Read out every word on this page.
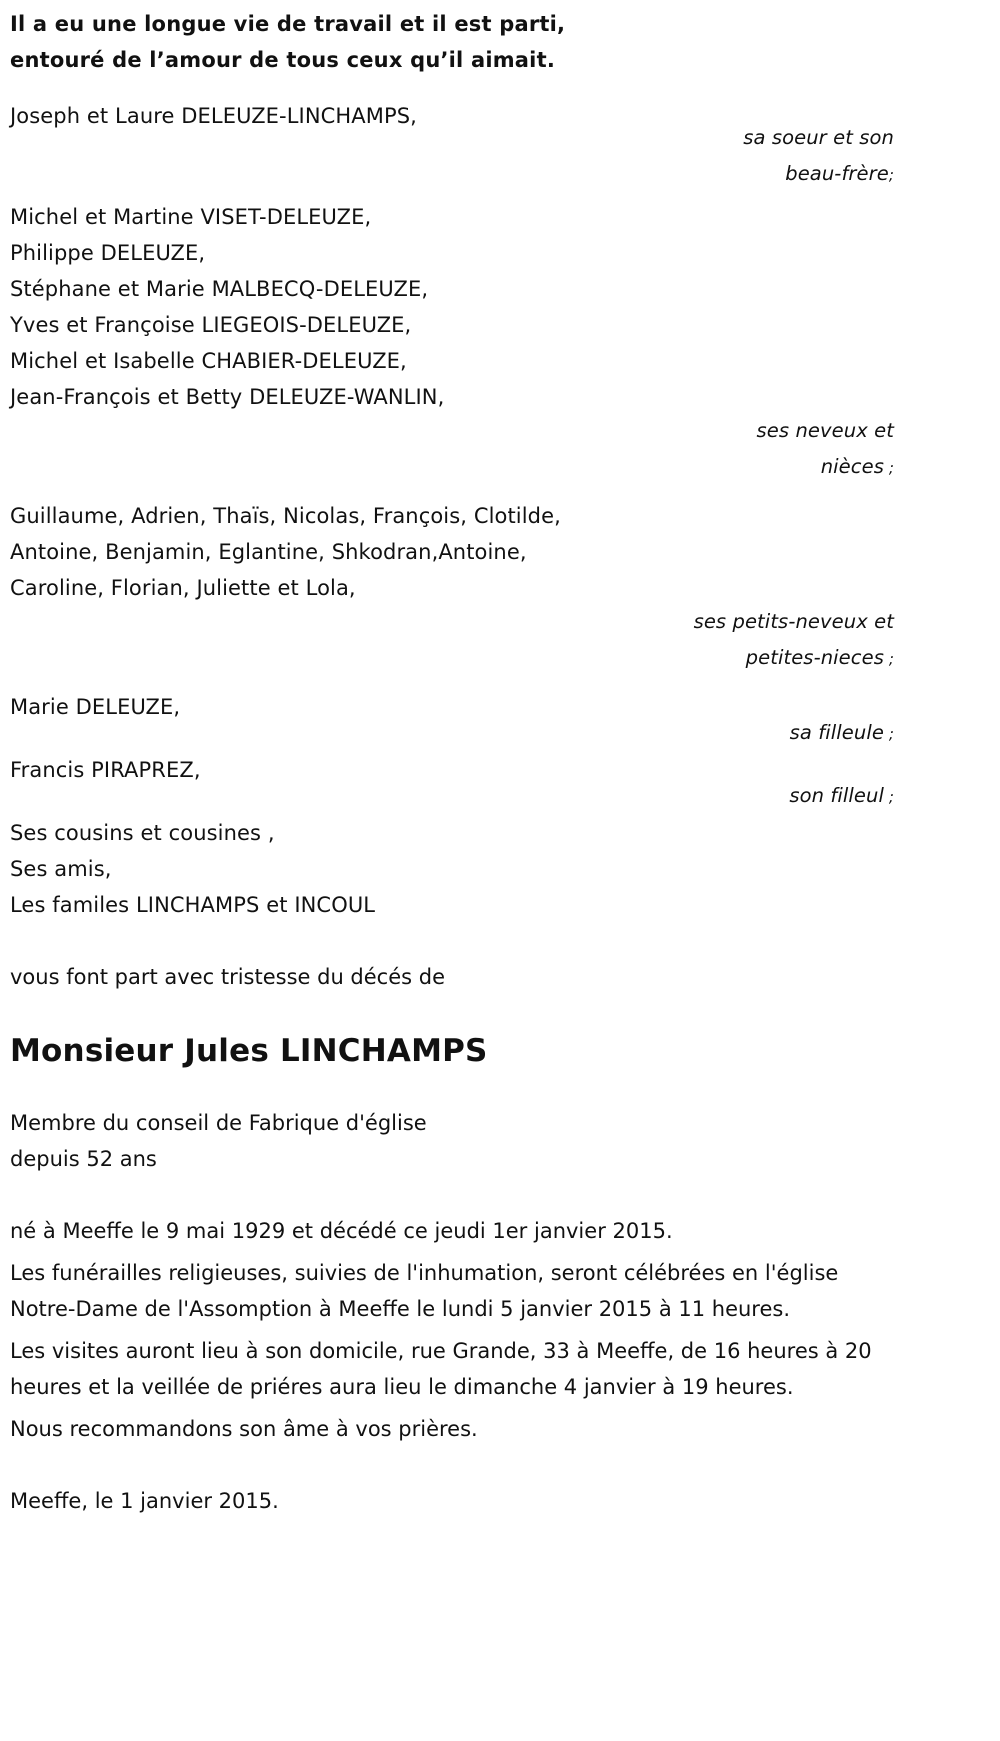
Il a eu une longue vie de travail et il est parti,
entouré de l’amour de tous ceux qu’il aimait.
Joseph et Laure DELEUZE-LINCHAMPS,
sa soeur et son
beau-frère;
Michel et Martine VISET-DELEUZE,
Philippe DELEUZE,
Stéphane et Marie MALBECQ-DELEUZE,
Yves et Françoise LIEGEOIS-DELEUZE,
Michel et Isabelle CHABIER-DELEUZE,
Jean-François et Betty DELEUZE-WANLIN,
ses neveux et
nièces ;
Guillaume, Adrien, Thaïs, Nicolas, François, Clotilde,
Antoine, Benjamin, Eglantine, Shkodran,Antoine,
Caroline, Florian, Juliette et Lola,
ses petits-neveux et
petites-nieces ;
Marie DELEUZE,
sa filleule ;
Francis PIRAPREZ,
son filleul ;
Ses cousins et cousines ,
Ses amis,
Les familes LINCHAMPS et INCOUL
vous font part avec tristesse du décés de
Monsieur Jules LINCHAMPS
Membre du conseil de Fabrique d'église
depuis 52 ans

né à Meeffe le 9 mai 1929 et décédé ce jeudi 1er janvier 2015.

Les funérailles religieuses, suivies de l'inhumation, seront célébrées en l'église Notre-Dame de l'Assomption à Meeffe le lundi 5 janvier 2015 à 11 heures.

Les visites auront lieu à son domicile, rue Grande, 33 à Meeffe, de 16 heures à 20 heures et la veillée de priéres aura lieu le dimanche 4 janvier à 19 heures.

Nous recommandons son âme à vos prières.

Meeffe, le 1 janvier 2015.
